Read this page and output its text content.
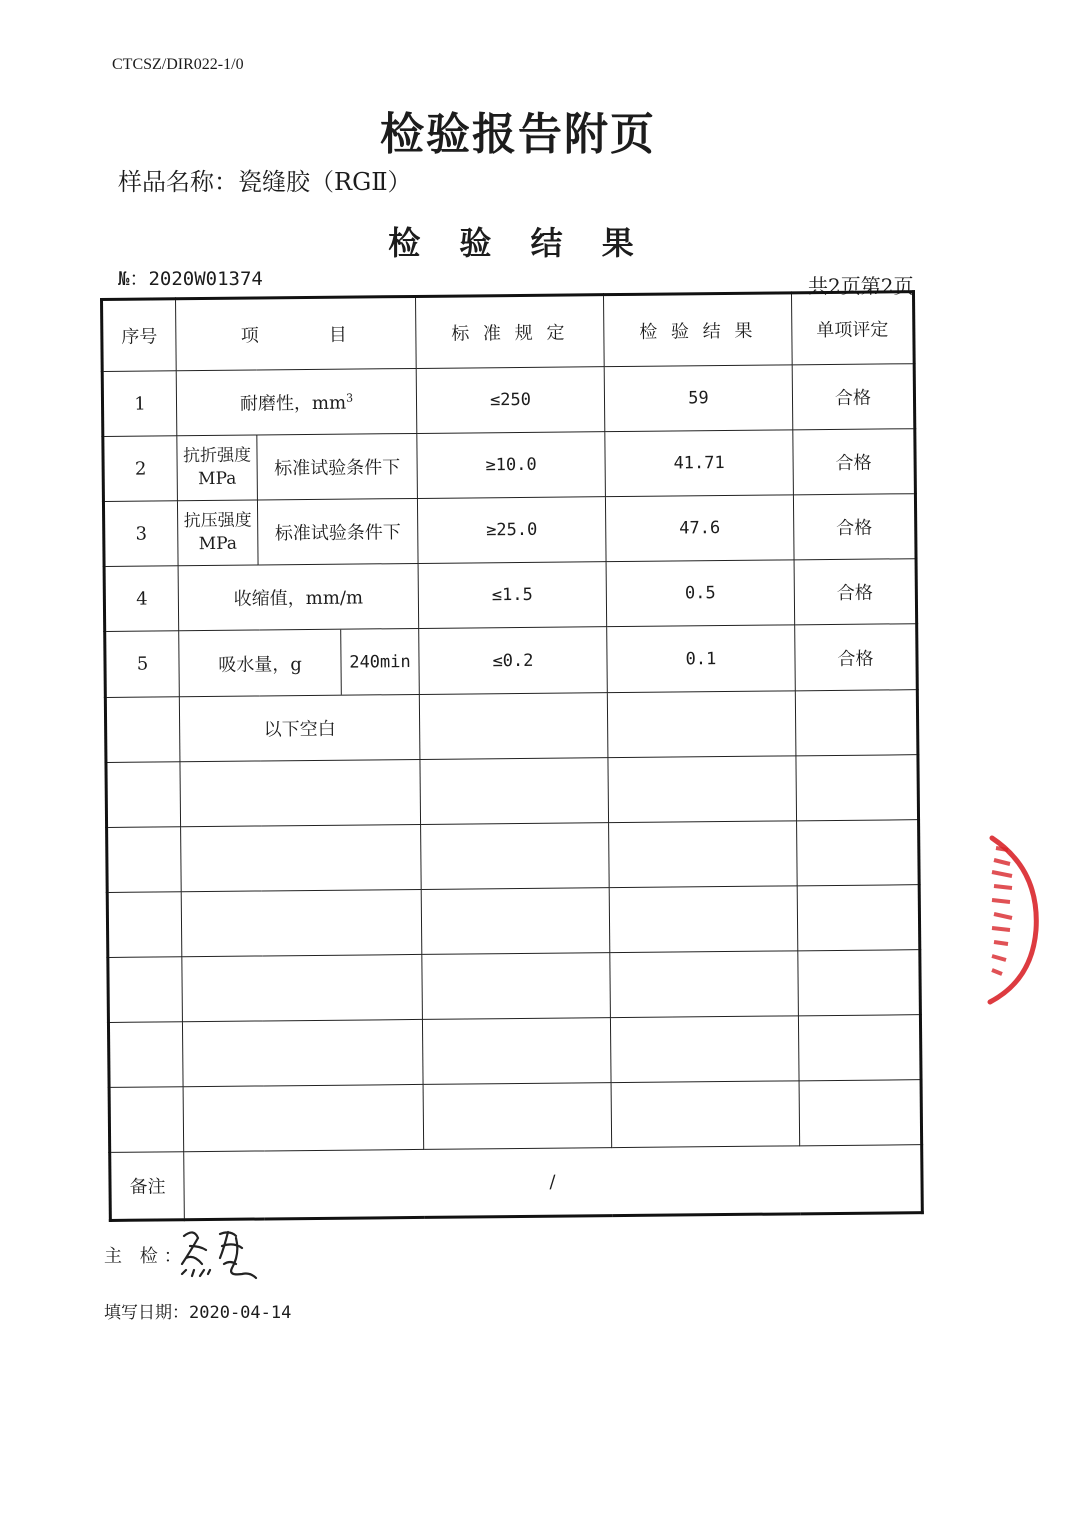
CTCSZ/DIR022-1/0
检验报告附页
样品名称：瓷缝胶（RGⅡ）
检 验 结 果
№：2020W01374	共2页第2页
序号	项　　　目		标 准 规 定	检 验 结 果	单项评定
1	耐磨性，$mm^3$		≤250	59	合格
2	抗折强度
MPa	标准试验条件下	≥10.0	41.71	合格
3	抗压强度
MPa	标准试验条件下	≥25.0	47.6	合格
4	收缩值，mm/m		≤1.5	0.5	合格
5	吸水量，g 240min		≤0.2	0.1	合格
	以下空白				

备注	/				
主 检：
填写日期：2020-04-14
